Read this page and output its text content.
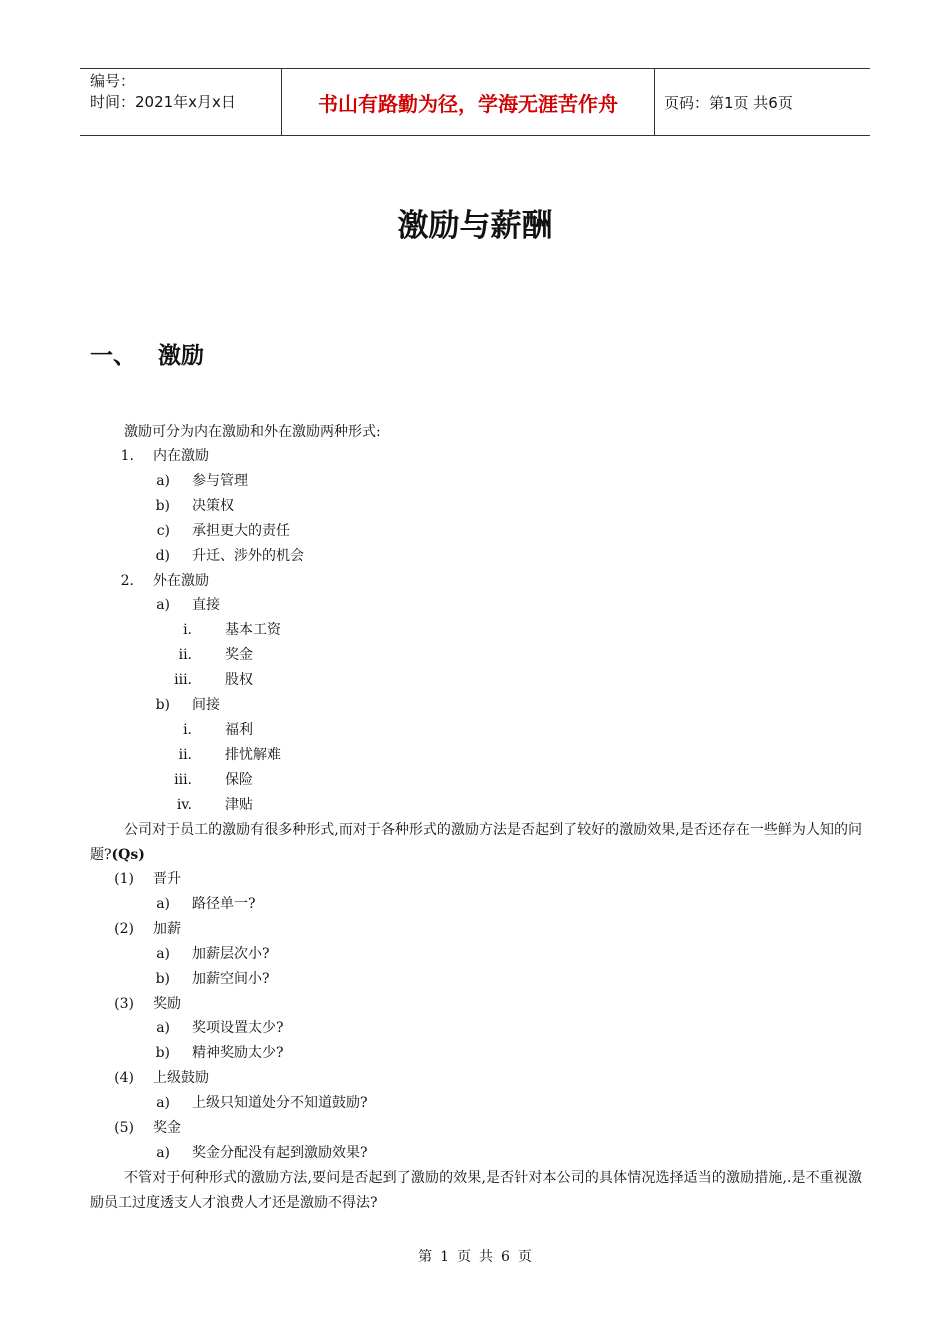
编号：
时间：2021年x月x日	书山有路勤为径，学海无涯苦作舟	页码：第1页 共6页
激励与薪酬
一、 激励
激励可分为内在激励和外在激励两种形式:
1. 内在激励
a) 参与管理
b) 决策权
c) 承担更大的责任
d) 升迁、涉外的机会
2. 外在激励
a) 直接
i. 基本工资
ii. 奖金
iii. 股权
b) 间接
i. 福利
ii. 排忧解难
iii. 保险
iv. 津贴
公司对于员工的激励有很多种形式,而对于各种形式的激励方法是否起到了较好的激励效果,是否还存在一些鲜为人知的问题?(Qs)
(1) 晋升
a) 路径单一?
(2) 加薪
a) 加薪层次小?
b) 加薪空间小?
(3) 奖励
a) 奖项设置太少?
b) 精神奖励太少?
(4) 上级鼓励
a) 上级只知道处分不知道鼓励?
(5) 奖金
a) 奖金分配没有起到激励效果?
不管对于何种形式的激励方法,要问是否起到了激励的效果,是否针对本公司的具体情况选择适当的激励措施,.是不重视激励员工过度透支人才浪费人才还是激励不得法?
第 1 页 共 6 页
